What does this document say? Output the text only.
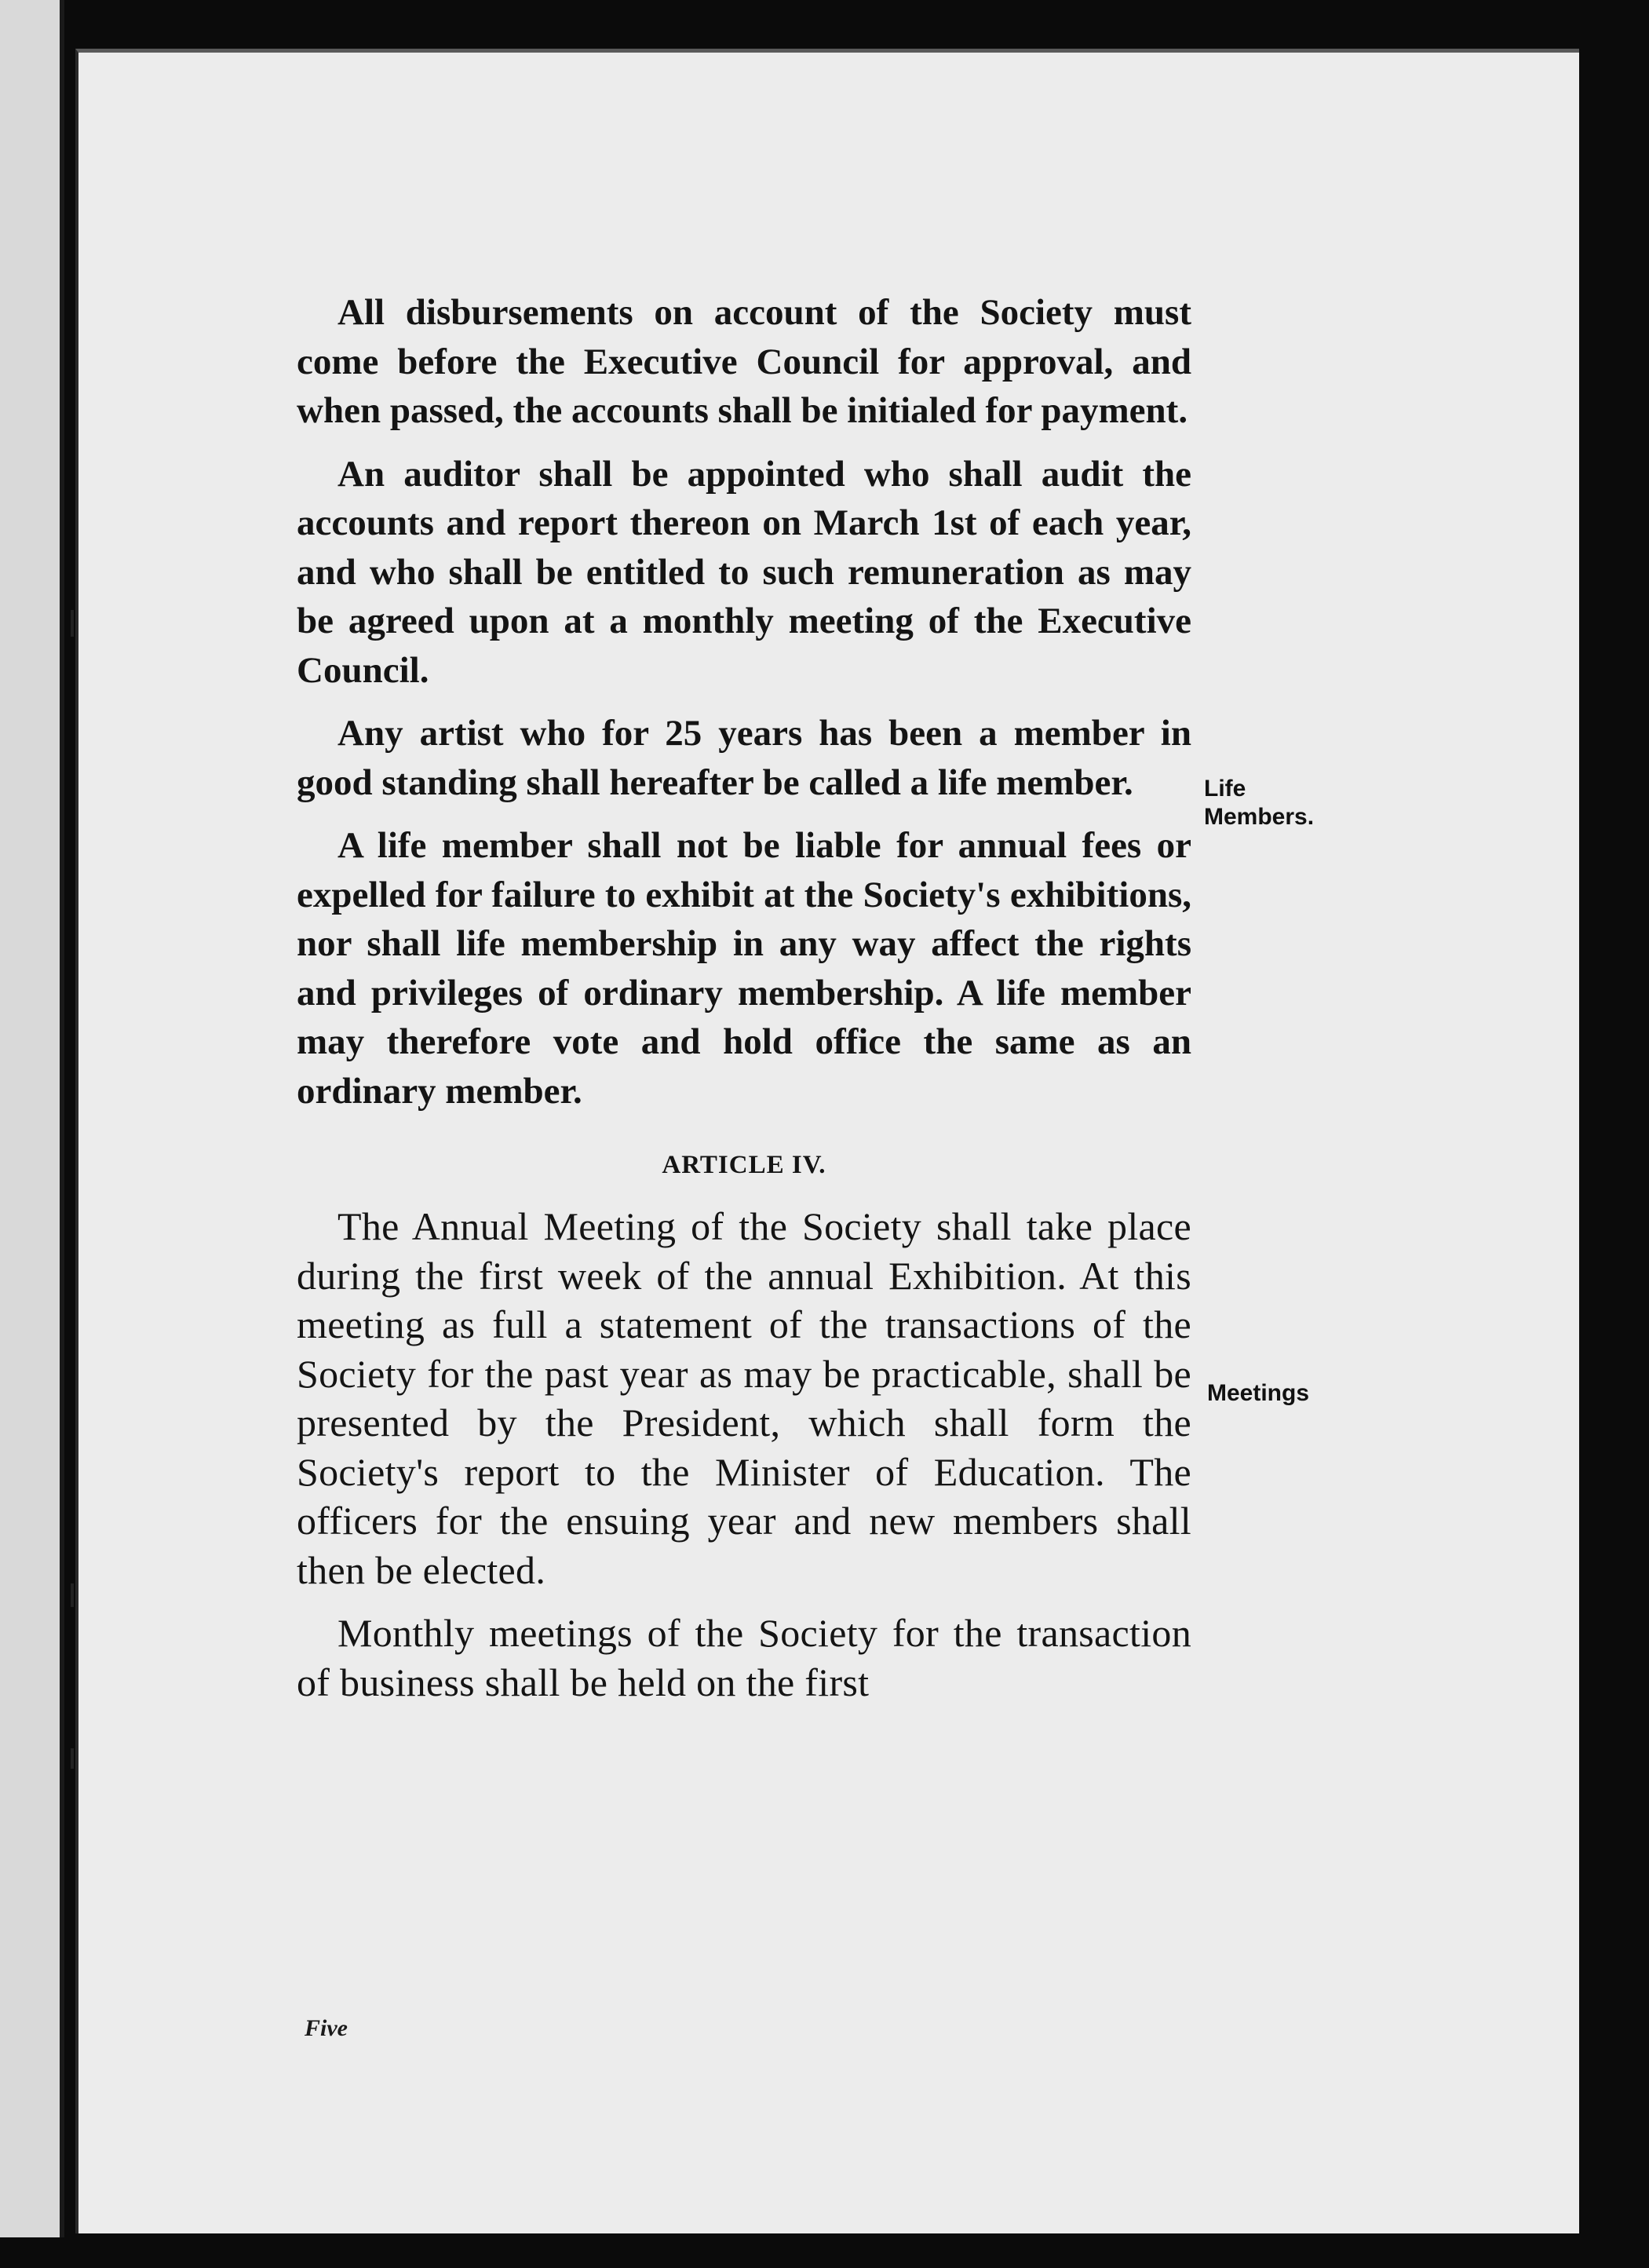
All disbursements on account of the Society must come before the Executive Council for approval, and when passed, the accounts shall be initialed for payment.

An auditor shall be appointed who shall audit the accounts and report thereon on March 1st of each year, and who shall be entitled to such remuneration as may be agreed upon at a monthly meeting of the Executive Council.

Any artist who for 25 years has been a member in good standing shall hereafter be called a life member.

A life member shall not be liable for annual fees or expelled for failure to exhibit at the Society's exhibitions, nor shall life membership in any way affect the rights and privileges of ordinary membership. A life member may therefore vote and hold office the same as an ordinary member.

ARTICLE IV.

The Annual Meeting of the Society shall take place during the first week of the annual Exhibition. At this meeting as full a statement of the transactions of the Society for the past year as may be practicable, shall be presented by the President, which shall form the Society's report to the Minister of Education. The officers for the ensuing year and new members shall then be elected.

Monthly meetings of the Society for the transaction of business shall be held on the first

Life
Members.
Meetings
Five
